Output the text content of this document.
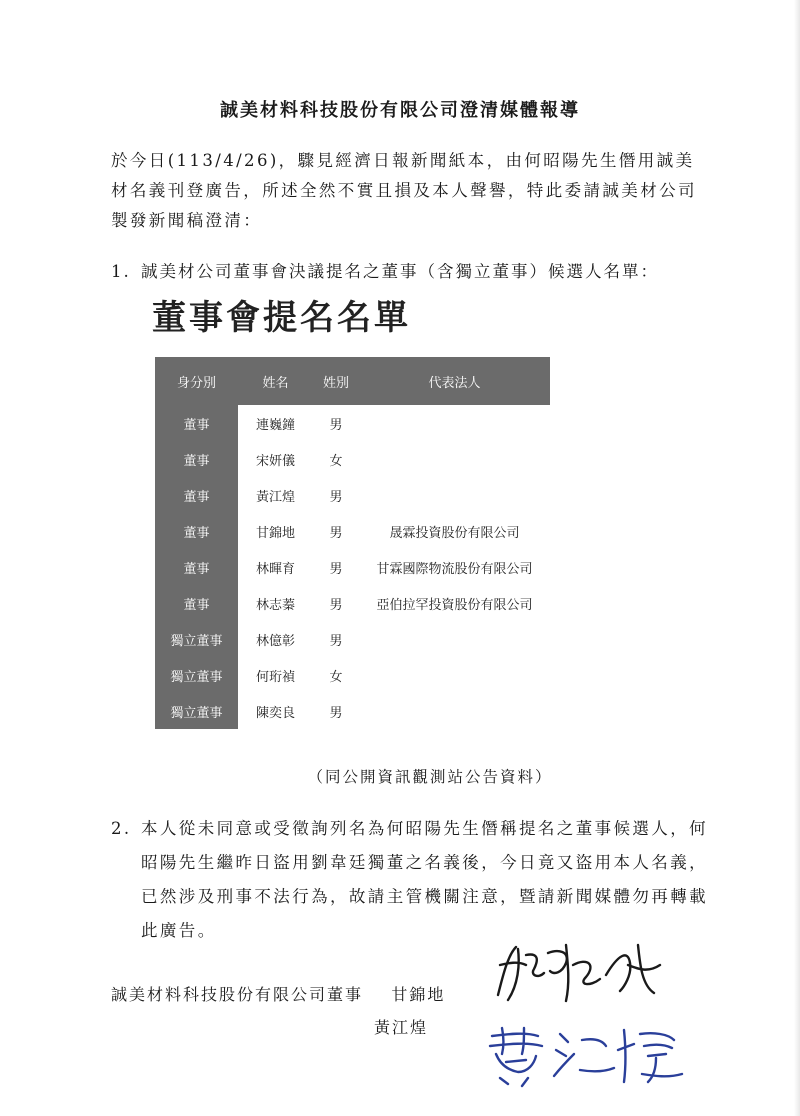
誠美材料科技股份有限公司澄清媒體報導
於今日(113/4/26)，驟見經濟日報新聞紙本，由何昭陽先生僭用誠美材名義刊登廣告，所述全然不實且損及本人聲譽，特此委請誠美材公司製發新聞稿澄清：
1. 誠美材公司董事會決議提名之董事（含獨立董事）候選人名單：
董事會提名名單
身分別	姓名	姓別	代表法人
董事	連巍鐘	男	
董事	宋妍儀	女	
董事	黃江煌	男	
董事	甘錦地	男	晟霖投資股份有限公司
董事	林暉育	男	甘霖國際物流股份有限公司
董事	林志蓁	男	亞伯拉罕投資股份有限公司
獨立董事	林億彰	男	
獨立董事	何珩禎	女	
獨立董事	陳奕良	男	
（同公開資訊觀測站公告資料）
2. 本人從未同意或受徵詢列名為何昭陽先生僭稱提名之董事候選人，何昭陽先生繼昨日盜用劉韋廷獨董之名義後，今日竟又盜用本人名義，已然涉及刑事不法行為，故請主管機關注意，暨請新聞媒體勿再轉載此廣告。
誠美材料科技股份有限公司董事 甘錦地
黃江煌
